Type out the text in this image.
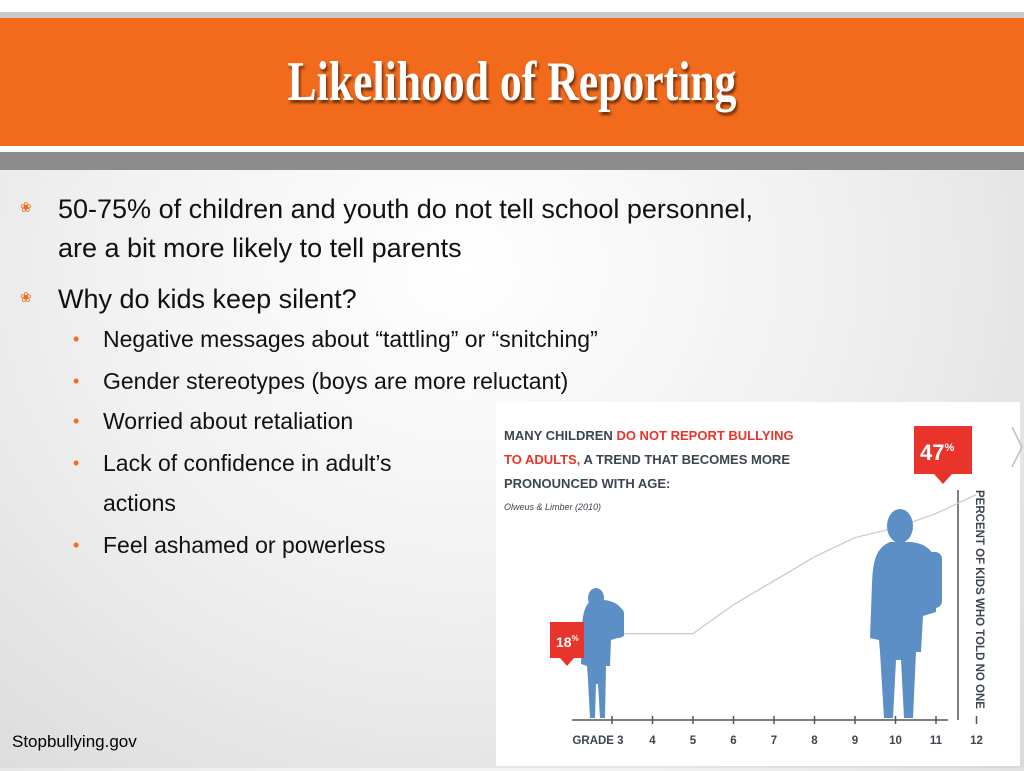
Likelihood of Reporting
❀ 50-75% of children and youth do not tell school personnel,
are a bit more likely to tell parents
❀ Why do kids keep silent?
• Negative messages about “tattling” or “snitching”
• Gender stereotypes (boys are more reluctant)
• Worried about retaliation
• Lack of confidence in adult’s
actions
• Feel ashamed or powerless
MANY CHILDREN DO NOT REPORT BULLYING
TO ADULTS, A TREND THAT BECOMES MORE
PRONOUNCED WITH AGE:
Olweus & Limber (2010)	PERCENT OF KIDS WHO TOLD NO ONE
GRADE 3 4	5	6	7	8	9	10 11 12
18%
47%
Stopbullying.gov
